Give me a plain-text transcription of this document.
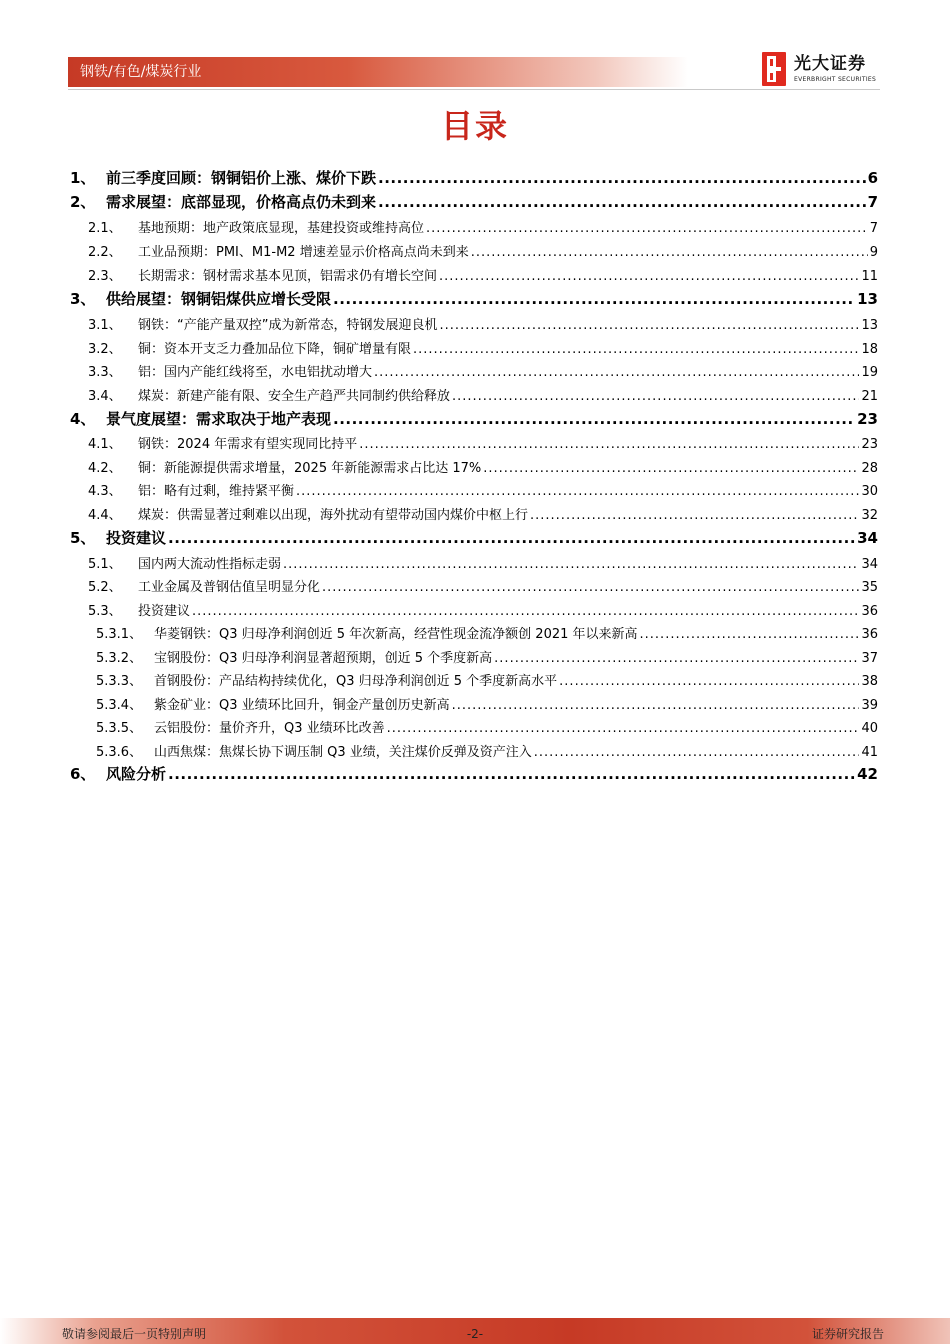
钢铁/有色/煤炭行业	光大证券
EVERBRIGHT SECURITIES
目录
1、 前三季度回顾：钢铜铝价上涨、煤价下跌 .....	6
2、 需求展望：底部显现，价格高点仍未到来 .....	7
2.1、	基地预期：地产政策底显现，基建投资或维持高位 .....	7
2.2、	工业品预期：PMI、M1-M2 增速差显示价格高点尚未到来 .....	9
2.3、	长期需求：钢材需求基本见顶，铝需求仍有增长空间 .....	11
3、 供给展望：钢铜铝煤供应增长受限 .....	13
3.1、	钢铁：“产能产量双控”成为新常态，特钢发展迎良机 .....	13
3.2、	铜：资本开支乏力叠加品位下降，铜矿增量有限 .....	18
3.3、	铝：国内产能红线将至，水电铝扰动增大 .....	19
3.4、	煤炭：新建产能有限、安全生产趋严共同制约供给释放 .....	21
4、 景气度展望：需求取决于地产表现 .....	23
4.1、	钢铁：2024 年需求有望实现同比持平 .....	23
4.2、	铜：新能源提供需求增量，2025 年新能源需求占比达 17% .....	28
4.3、	铝：略有过剩，维持紧平衡 .....	30
4.4、	煤炭：供需显著过剩难以出现，海外扰动有望带动国内煤价中枢上行 .....	32
5、 投资建议 .....	34
5.1、	国内两大流动性指标走弱 .....	34
5.2、	工业金属及普钢估值呈明显分化 .....	35
5.3、	投资建议 .....	36
5.3.1、 华菱钢铁：Q3 归母净利润创近 5 年次新高，经营性现金流净额创 2021 年以来新高 .....	36
5.3.2、 宝钢股份：Q3 归母净利润显著超预期，创近 5 个季度新高 .....	37
5.3.3、 首钢股份：产品结构持续优化，Q3 归母净利润创近 5 个季度新高水平 .....	38
5.3.4、 紫金矿业：Q3 业绩环比回升，铜金产量创历史新高 .....	39
5.3.5、 云铝股份：量价齐升，Q3 业绩环比改善 .....	40
5.3.6、 山西焦煤：焦煤长协下调压制 Q3 业绩，关注煤价反弹及资产注入 .....	41
6、 风险分析 .....	42
敬请参阅最后一页特别声明	-2-	证券研究报告
